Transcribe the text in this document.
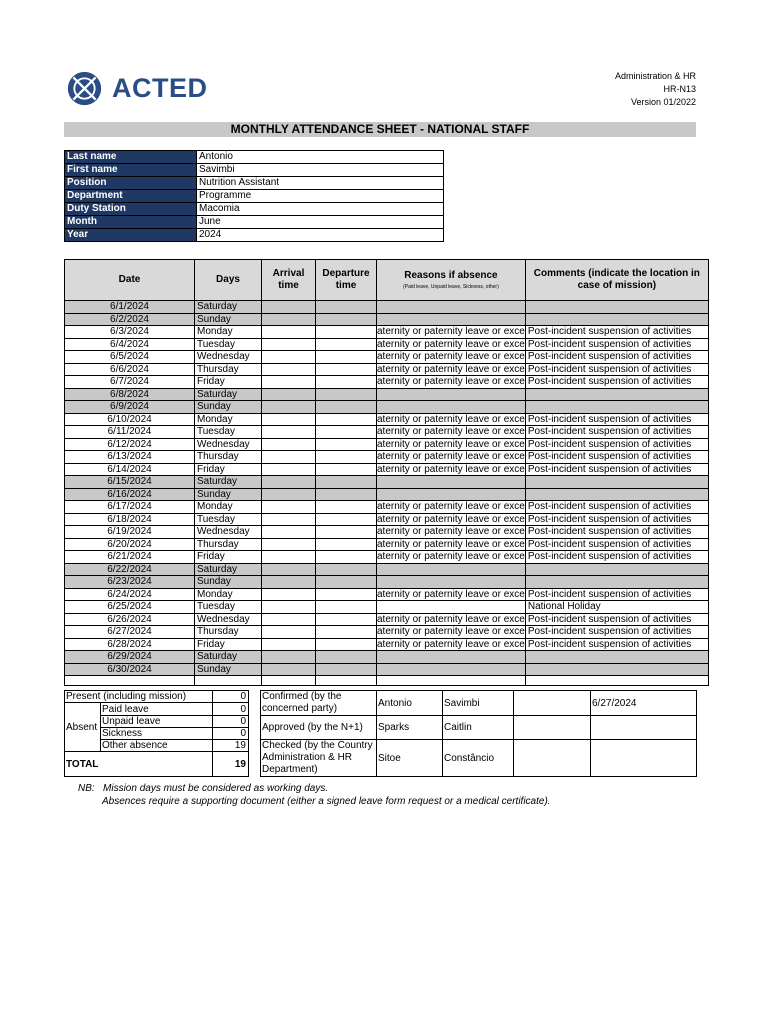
ACTED	Administration & HR
HR-N13
Version 01/2022
MONTHLY ATTENDANCE SHEET - NATIONAL STAFF
Last name	Antonio
First name	Savimbi
Position	Nutrition Assistant
Department	Programme
Duty Station	Macomia
Month	June
Year	2024
Date	Days	Arrival time	Departure time	Reasons if absence
(Paid leave, Unpaid leave, Sickness, other)	Comments (indicate the location in case of mission)
6/1/2024	Saturday				
6/2/2024	Sunday				
6/3/2024	Monday			aternity or paternity leave or exce	Post-incident suspension of activities
6/4/2024	Tuesday			aternity or paternity leave or exce	Post-incident suspension of activities
6/5/2024	Wednesday			aternity or paternity leave or exce	Post-incident suspension of activities
6/6/2024	Thursday			aternity or paternity leave or exce	Post-incident suspension of activities
6/7/2024	Friday			aternity or paternity leave or exce	Post-incident suspension of activities
6/8/2024	Saturday				
6/9/2024	Sunday				
6/10/2024	Monday			aternity or paternity leave or exce	Post-incident suspension of activities
6/11/2024	Tuesday			aternity or paternity leave or exce	Post-incident suspension of activities
6/12/2024	Wednesday			aternity or paternity leave or exce	Post-incident suspension of activities
6/13/2024	Thursday			aternity or paternity leave or exce	Post-incident suspension of activities
6/14/2024	Friday			aternity or paternity leave or exce	Post-incident suspension of activities
6/15/2024	Saturday				
6/16/2024	Sunday				
6/17/2024	Monday			aternity or paternity leave or exce	Post-incident suspension of activities
6/18/2024	Tuesday			aternity or paternity leave or exce	Post-incident suspension of activities
6/19/2024	Wednesday			aternity or paternity leave or exce	Post-incident suspension of activities
6/20/2024	Thursday			aternity or paternity leave or exce	Post-incident suspension of activities
6/21/2024	Friday			aternity or paternity leave or exce	Post-incident suspension of activities
6/22/2024	Saturday				
6/23/2024	Sunday				
6/24/2024	Monday			aternity or paternity leave or exce	Post-incident suspension of activities
6/25/2024	Tuesday				National Holiday
6/26/2024	Wednesday			aternity or paternity leave or exce	Post-incident suspension of activities
6/27/2024	Thursday			aternity or paternity leave or exce	Post-incident suspension of activities
6/28/2024	Friday			aternity or paternity leave or exce	Post-incident suspension of activities
6/29/2024	Saturday				
6/30/2024	Sunday				

Present (including mission)		0		Confirmed (by the concerned party)	Antonio	Savimbi		6/27/2024
Absent	Paid leave	0						
	Unpaid leave	0		Approved (by the N+1)	Sparks	Caitlin		
	Sickness	0						
	Other absence	19		Checked (by the Country Administration & HR Department)	Sitoe	Constâncio		
TOTAL		19						

NB: Mission days must be considered as working days.
Absences require a supporting document (either a signed leave form request or a medical certificate).
